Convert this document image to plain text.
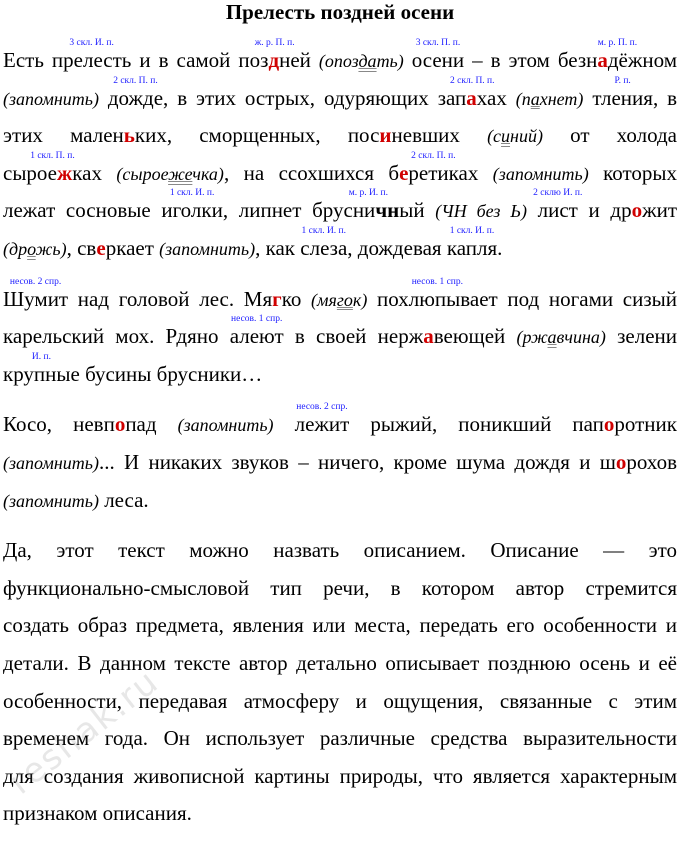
Прелесть поздней осени
Есть
3 скл. И. п.
прелесть и в самой
ж. р. П. п.
поздней (опоздать)
3 скл. П. п.
осени – в этом
м. р. П. п.
безнадёжном
(запомнить)
2 скл. П. п.
дожде, в этих острых, одуряющих
2 скл. П. п.
запахах (пахнет)
Р. п.
тления, в
этих маленьких, сморщенных, посиневших (синий) от холода
1 скл. П. п.
сыроежках (сыроежечка), на ссохшихся
2 скл. П. п.
беретиках (запомнить) которых
лежат сосновые
1 скл. И. п.
иголки, липнет
м. р. И. п.
брусничный (ЧН без Ь)
2 склю И. п.
лист и дрожит
(дрожь), сверкает (запомнить), как
1 скл. И. п.
слеза, дождевая
1 скл. И. п.
капля.
несов. 2 спр.
Шумит над головой лес. Мягко (мягок)
несов. 1 спр.
похлюпывает под ногами сизый
карельский мох. Рдяно
несов. 1 спр.
алеют в своей нержавеющей (ржавчина) зелени
И. п.
крупные бусины брусники…
Косо, невпопад (запомнить)
несов. 2 спр.
лежит рыжий, поникший папоротник
(запомнить)... И никаких звуков – ничего, кроме шума дождя и шорохов
(запомнить) леса.
Да, этот текст можно назвать описанием. Описание — это
функционально-смысловой тип речи, в котором автор стремится
создать образ предмета, явления или места, передать его особенности и
детали. В данном тексте автор детально описывает позднюю осень и её
особенности, передавая атмосферу и ощущения, связанные с этим
временем года. Он использует различные средства выразительности
для создания живописной картины природы, что является характерным
признаком описания.
reshak.ru
